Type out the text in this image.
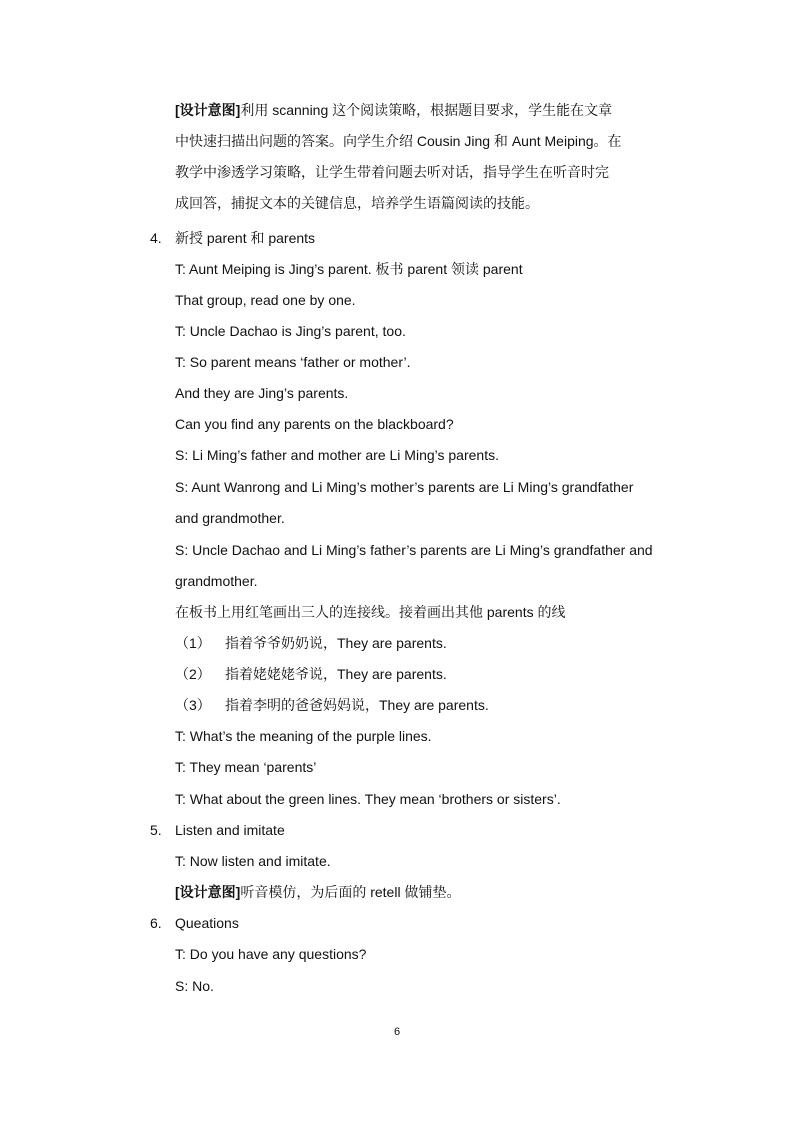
[设计意图]利用 scanning 这个阅读策略，根据题目要求，学生能在文章
中快速扫描出问题的答案。向学生介绍 Cousin Jing 和 Aunt Meiping。在
教学中渗透学习策略，让学生带着问题去听对话，指导学生在听音时完
成回答，捕捉文本的关键信息，培养学生语篇阅读的技能。
4. 新授 parent 和 parents
T: Aunt Meiping is Jing’s parent. 板书 parent 领读 parent
That group, read one by one.
T: Uncle Dachao is Jing’s parent, too.
T: So parent means ‘father or mother’.
And they are Jing’s parents.
Can you find any parents on the blackboard?
S: Li Ming’s father and mother are Li Ming’s parents.
S: Aunt Wanrong and Li Ming’s mother’s parents are Li Ming’s grandfather
and grandmother.
S: Uncle Dachao and Li Ming’s father’s parents are Li Ming’s grandfather and
grandmother.
在板书上用红笔画出三人的连接线。接着画出其他 parents 的线
（1） 指着爷爷奶奶说，They are parents.
（2） 指着姥姥姥爷说，They are parents.
（3） 指着李明的爸爸妈妈说，They are parents.
T: What’s the meaning of the purple lines.
T: They mean ‘parents’
T: What about the green lines. They mean ‘brothers or sisters’.
5. Listen and imitate
T: Now listen and imitate.
[设计意图]听音模仿，为后面的 retell 做铺垫。
6. Queations
T: Do you have any questions?
S: No.
6
